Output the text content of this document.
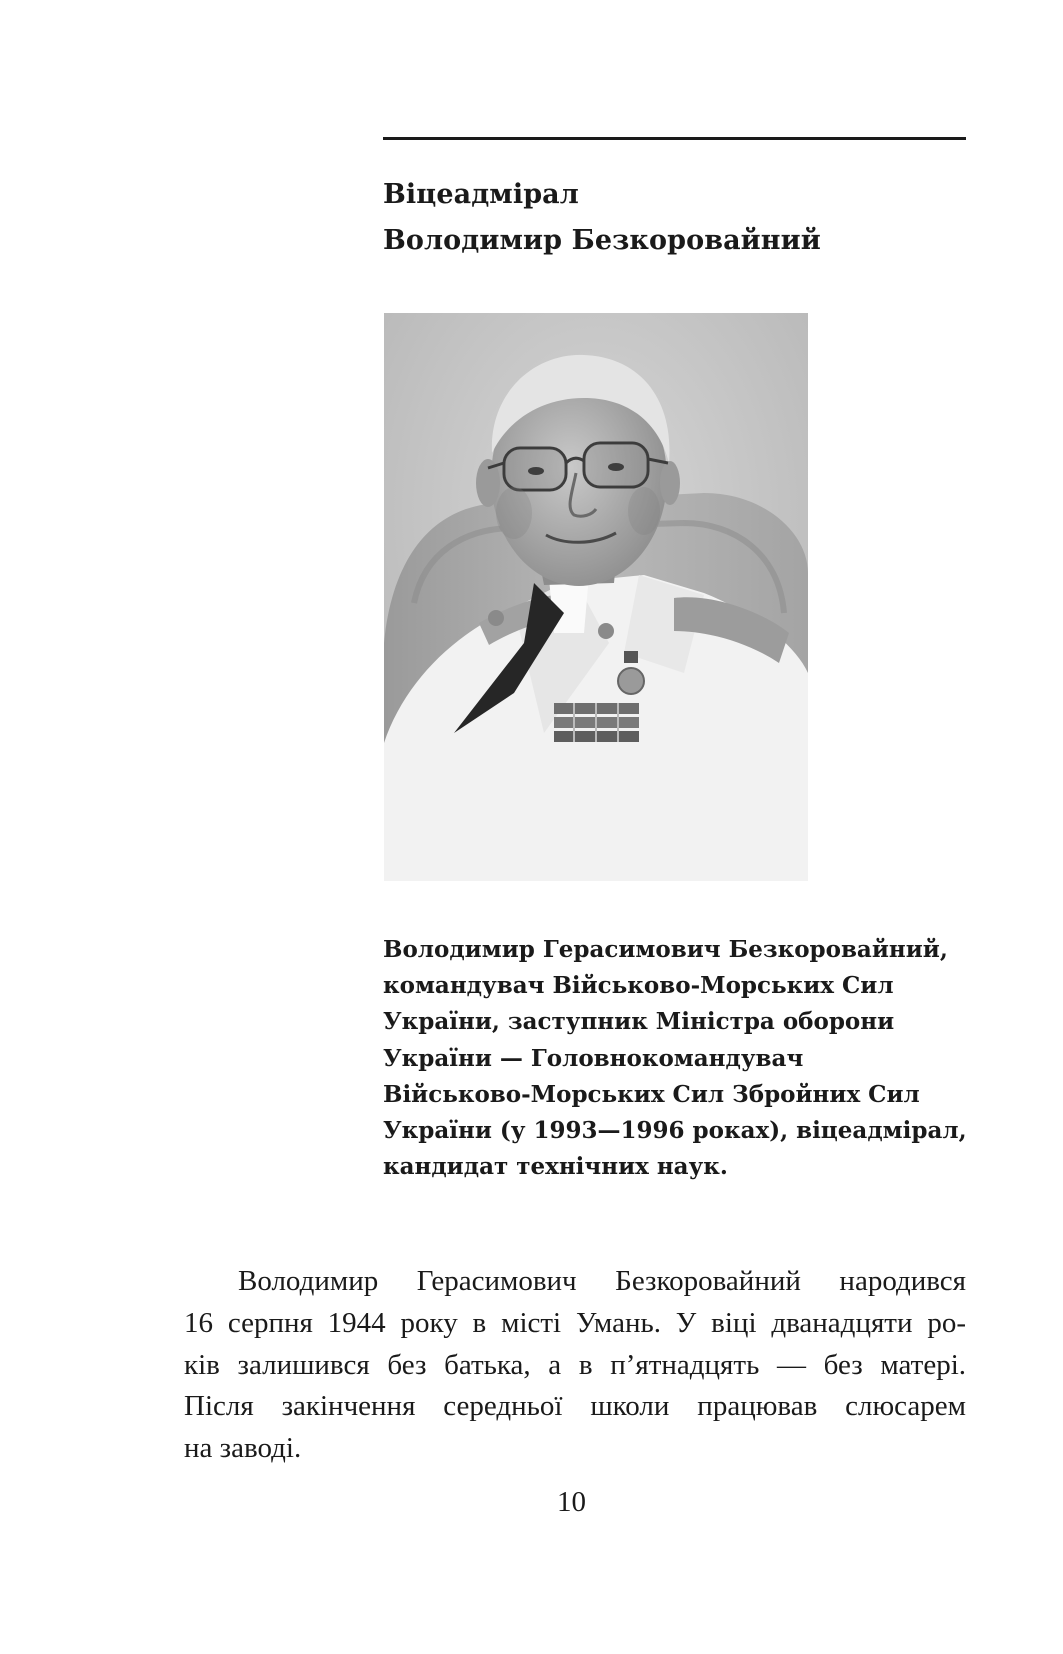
Віцеадмірал
Володимир Безкоровайний

Володимир Герасимович Безкоровайний,
командувач Військово-Морських Сил
України, заступник Міністра оборони
України — Головнокомандувач
Військово-Морських Сил Збройних Сил
України (у 1993—1996 роках), віцеадмірал,
кандидат технічних наук.

Володимир Герасимович Безкоровайний народився
16 серпня 1944 року в місті Умань. У віці дванадцяти ро-
ків залишився без батька, а в п’ятнадцять — без матері.
Після закінчення середньої школи працював слюсарем
на заводі.

10
